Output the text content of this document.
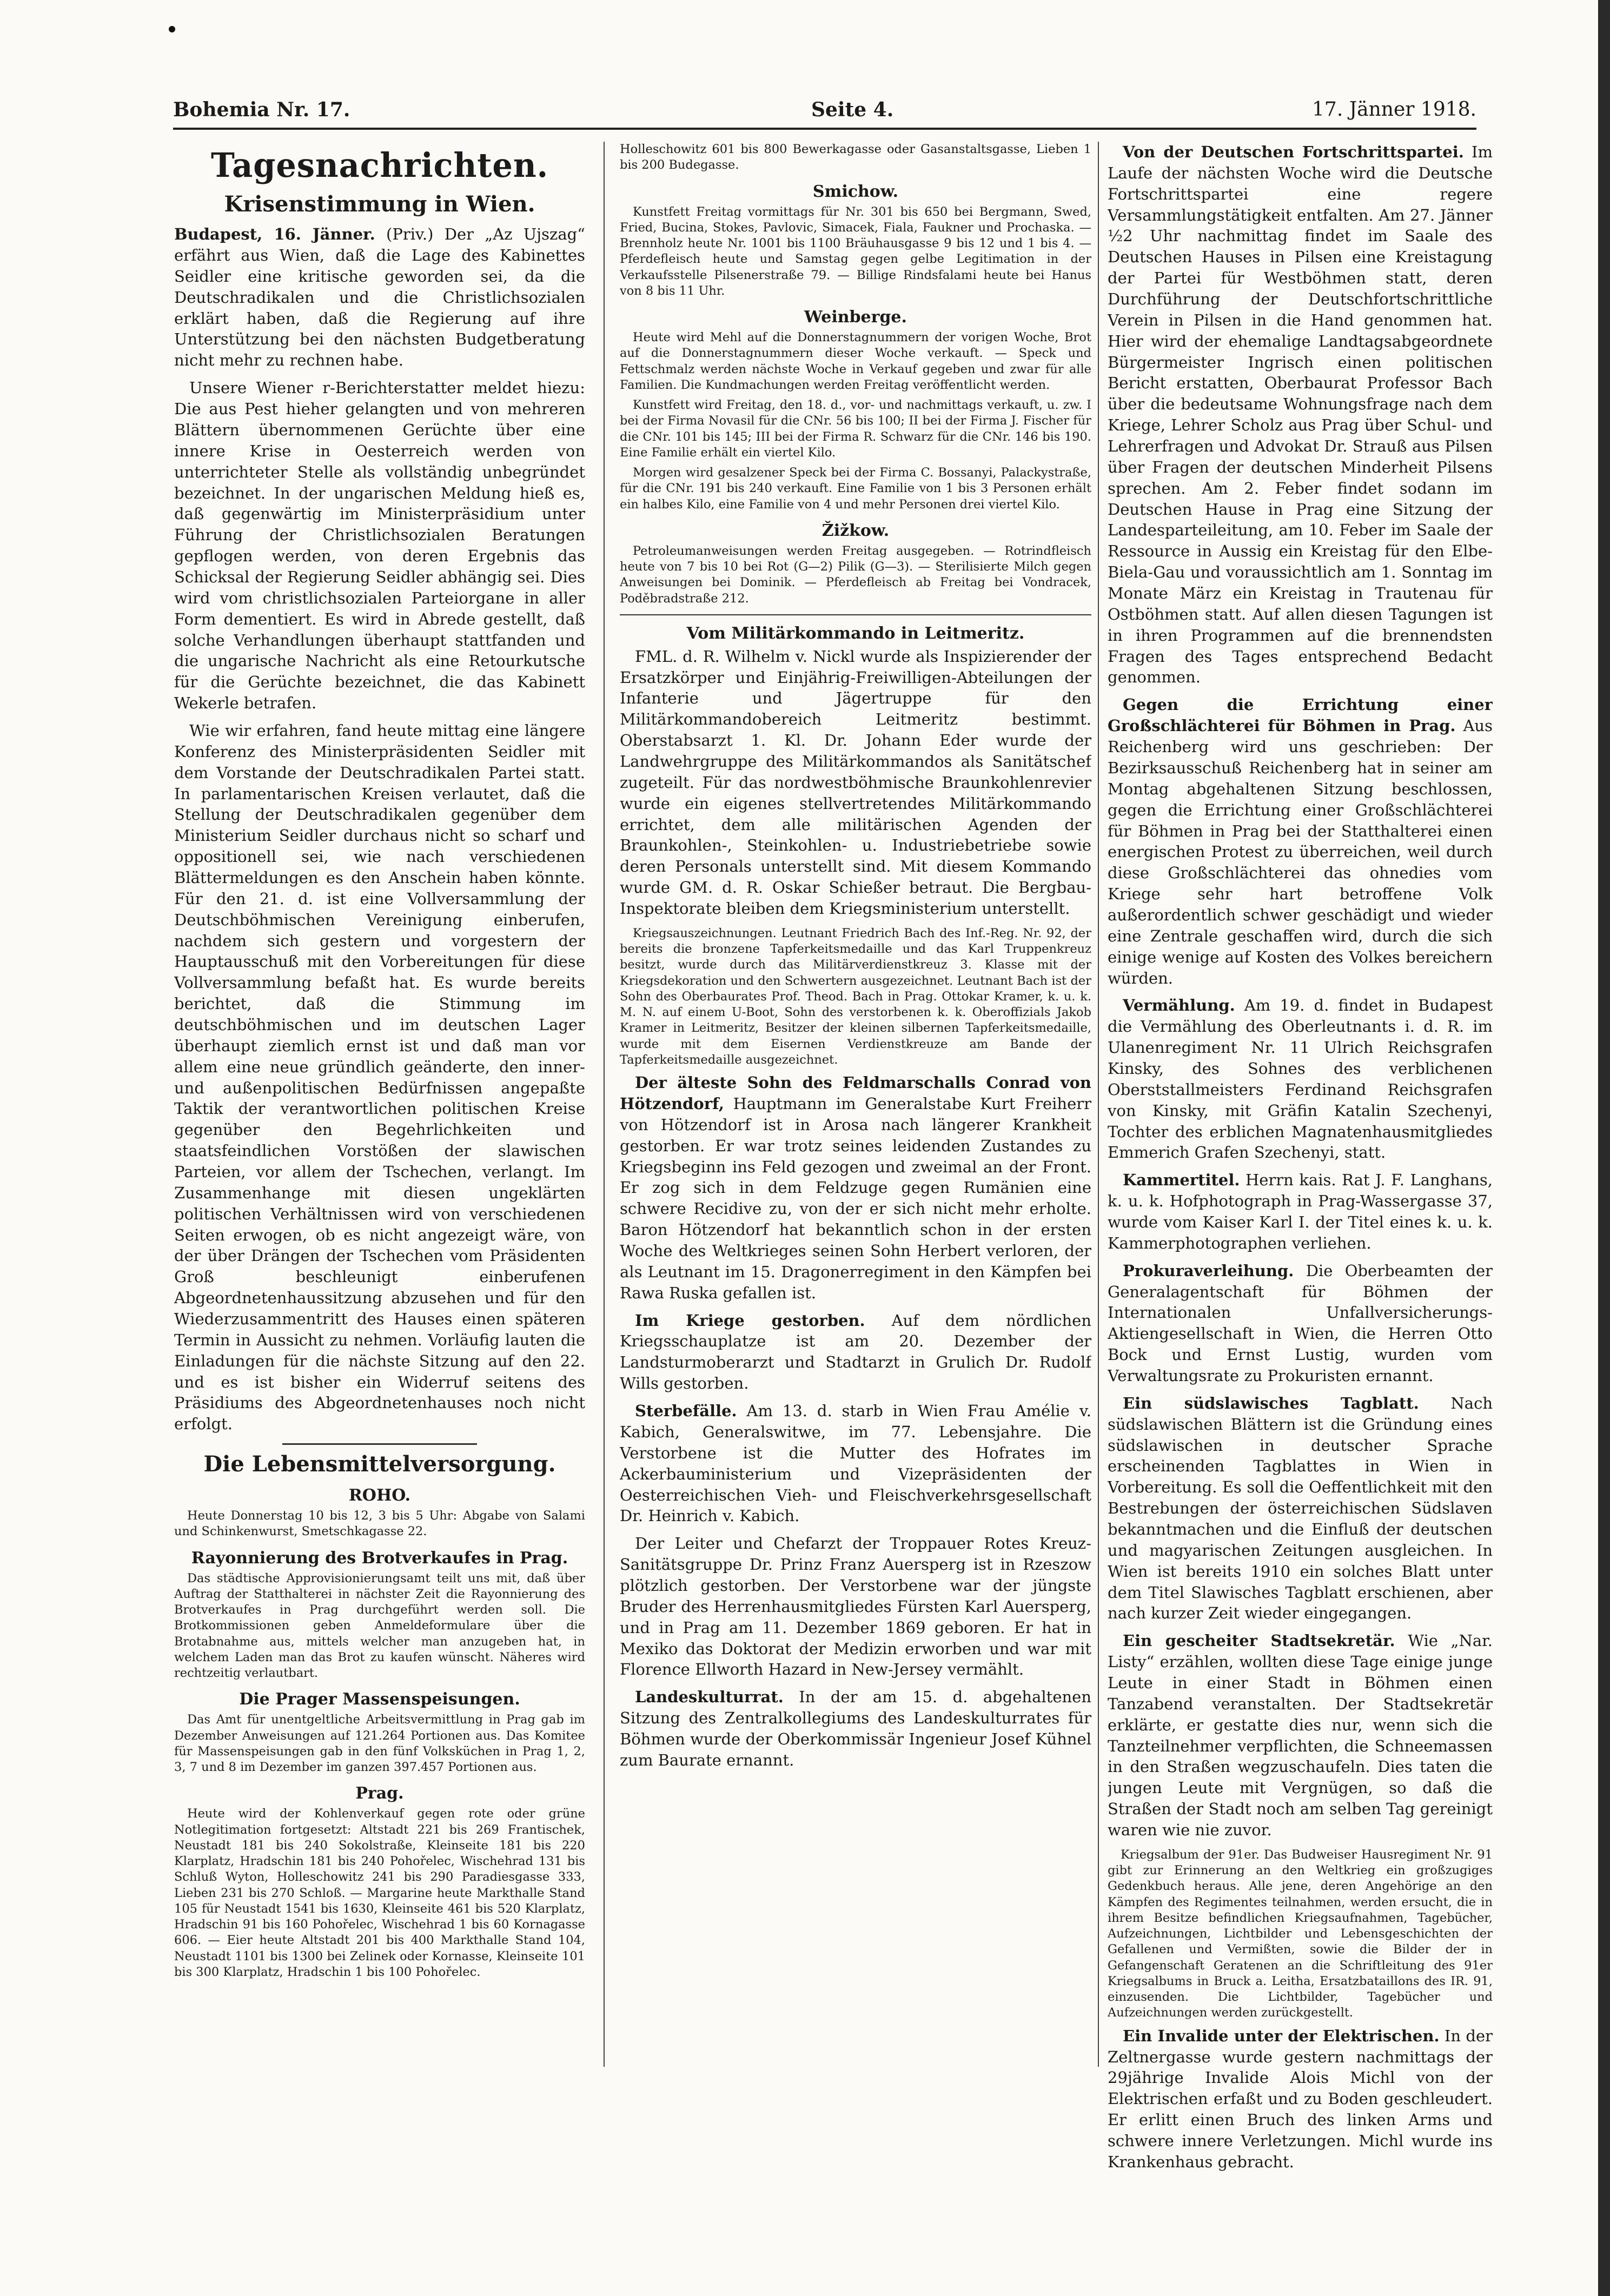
Bohemia Nr. 17.	Seite 4.	17. Jänner 1918.
Tagesnachrichten.
Krisenstimmung in Wien.

Budapest, 16. Jänner. (Priv.) Der „Az Ujszag“ erfährt aus Wien, daß die Lage des Kabinettes Seidler eine kritische geworden sei, da die Deutschradikalen und die Christlichsozialen erklärt haben, daß die Regierung auf ihre Unterstützung bei den nächsten Budgetberatung nicht mehr zu rechnen habe.

Unsere Wiener r-Berichterstatter meldet hiezu: Die aus Pest hieher gelangten und von mehreren Blättern übernommenen Gerüchte über eine innere Krise in Oesterreich werden von unterrichteter Stelle als vollständig unbegründet bezeichnet. In der ungarischen Meldung hieß es, daß gegenwärtig im Ministerpräsidium unter Führung der Christlichsozialen Beratungen gepflogen werden, von deren Ergebnis das Schicksal der Regierung Seidler abhängig sei. Dies wird vom christlichsozialen Parteiorgane in aller Form dementiert. Es wird in Abrede gestellt, daß solche Verhandlungen überhaupt stattfanden und die ungarische Nachricht als eine Retourkutsche für die Gerüchte bezeichnet, die das Kabinett Wekerle betrafen.

Wie wir erfahren, fand heute mittag eine längere Konferenz des Ministerpräsidenten Seidler mit dem Vorstande der Deutschradikalen Partei statt. In parlamentarischen Kreisen verlautet, daß die Stellung der Deutschradikalen gegenüber dem Ministerium Seidler durchaus nicht so scharf und oppositionell sei, wie nach verschiedenen Blättermeldungen es den Anschein haben könnte. Für den 21. d. ist eine Vollversammlung der Deutschböhmischen Vereinigung einberufen, nachdem sich gestern und vorgestern der Hauptausschuß mit den Vorbereitungen für diese Vollversammlung befaßt hat. Es wurde bereits berichtet, daß die Stimmung im deutschböhmischen und im deutschen Lager überhaupt ziemlich ernst ist und daß man vor allem eine neue gründlich geänderte, den inner- und außenpolitischen Bedürfnissen angepaßte Taktik der verantwortlichen politischen Kreise gegenüber den Begehrlichkeiten und staatsfeindlichen Vorstößen der slawischen Parteien, vor allem der Tschechen, verlangt. Im Zusammenhange mit diesen ungeklärten politischen Verhältnissen wird von verschiedenen Seiten erwogen, ob es nicht angezeigt wäre, von der über Drängen der Tschechen vom Präsidenten Groß beschleunigt einberufenen Abgeordnetenhaussitzung abzusehen und für den Wiederzusammentritt des Hauses einen späteren Termin in Aussicht zu nehmen. Vorläufig lauten die Einladungen für die nächste Sitzung auf den 22. und es ist bisher ein Widerruf seitens des Präsidiums des Abgeordnetenhauses noch nicht erfolgt.

Die Lebensmittelversorgung.
ROHO.

Heute Donnerstag 10 bis 12, 3 bis 5 Uhr: Abgabe von Salami und Schinkenwurst, Smetschkagasse 22.

Rayonnierung des Brotverkaufes in Prag.

Das städtische Approvisionierungsamt teilt uns mit, daß über Auftrag der Statthalterei in nächster Zeit die Rayonnierung des Brotverkaufes in Prag durchgeführt werden soll. Die Brotkommissionen geben Anmeldeformulare über die Brotabnahme aus, mittels welcher man anzugeben hat, in welchem Laden man das Brot zu kaufen wünscht. Näheres wird rechtzeitig verlautbart.

Die Prager Massenspeisungen.

Das Amt für unentgeltliche Arbeitsvermittlung in Prag gab im Dezember Anweisungen auf 121.264 Portionen aus. Das Komitee für Massenspeisungen gab in den fünf Volksküchen in Prag 1, 2, 3, 7 und 8 im Dezember im ganzen 397.457 Portionen aus.

Prag.

Heute wird der Kohlenverkauf gegen rote oder grüne Notlegitimation fortgesetzt: Altstadt 221 bis 269 Frantischek, Neustadt 181 bis 240 Sokolstraße, Kleinseite 181 bis 220 Klarplatz, Hradschin 181 bis 240 Pohořelec, Wischehrad 131 bis Schluß Wyton, Holleschowitz 241 bis 290 Paradiesgasse 333, Lieben 231 bis 270 Schloß. — Margarine heute Markthalle Stand 105 für Neustadt 1541 bis 1630, Kleinseite 461 bis 520 Klarplatz, Hradschin 91 bis 160 Pohořelec, Wischehrad 1 bis 60 Kornagasse 606. — Eier heute Altstadt 201 bis 400 Markthalle Stand 104, Neustadt 1101 bis 1300 bei Zelinek oder Kornasse, Kleinseite 101 bis 300 Klarplatz, Hradschin 1 bis 100 Pohořelec.

Holleschowitz 601 bis 800 Bewerkagasse oder Gasanstaltsgasse, Lieben 1 bis 200 Budegasse.

Smichow.

Kunstfett Freitag vormittags für Nr. 301 bis 650 bei Bergmann, Swed, Fried, Bucina, Stokes, Pavlovic, Simacek, Fiala, Faukner und Prochaska. — Brennholz heute Nr. 1001 bis 1100 Bräuhausgasse 9 bis 12 und 1 bis 4. — Pferdefleisch heute und Samstag gegen gelbe Legitimation in der Verkaufsstelle Pilsenerstraße 79. — Billige Rindsfalami heute bei Hanus von 8 bis 11 Uhr.

Weinberge.

Heute wird Mehl auf die Donnerstagnummern der vorigen Woche, Brot auf die Donnerstagnummern dieser Woche verkauft. — Speck und Fettschmalz werden nächste Woche in Verkauf gegeben und zwar für alle Familien. Die Kundmachungen werden Freitag veröffentlicht werden.

Kunstfett wird Freitag, den 18. d., vor- und nachmittags verkauft, u. zw. I bei der Firma Novasil für die CNr. 56 bis 100; II bei der Firma J. Fischer für die CNr. 101 bis 145; III bei der Firma R. Schwarz für die CNr. 146 bis 190. Eine Familie erhält ein viertel Kilo.

Morgen wird gesalzener Speck bei der Firma C. Bossanyi, Palackystraße, für die CNr. 191 bis 240 verkauft. Eine Familie von 1 bis 3 Personen erhält ein halbes Kilo, eine Familie von 4 und mehr Personen drei viertel Kilo.

Žižkow.

Petroleumanweisungen werden Freitag ausgegeben. — Rotrindfleisch heute von 7 bis 10 bei Rot (G—2) Pilik (G—3). — Sterilisierte Milch gegen Anweisungen bei Dominik. — Pferdefleisch ab Freitag bei Vondracek, Poděbradstraße 212.

Vom Militärkommando in Leitmeritz.

FML. d. R. Wilhelm v. Nickl wurde als Inspizierender der Ersatzkörper und Einjährig-Freiwilligen-Abteilungen der Infanterie und Jägertruppe für den Militärkommandobereich Leitmeritz bestimmt. Oberstabsarzt 1. Kl. Dr. Johann Eder wurde der Landwehrgruppe des Militärkommandos als Sanitätschef zugeteilt. Für das nordwestböhmische Braunkohlenrevier wurde ein eigenes stellvertretendes Militärkommando errichtet, dem alle militärischen Agenden der Braunkohlen-, Steinkohlen- u. Industriebetriebe sowie deren Personals unterstellt sind. Mit diesem Kommando wurde GM. d. R. Oskar Schießer betraut. Die Bergbau-Inspektorate bleiben dem Kriegsministerium unterstellt.

Kriegsauszeichnungen. Leutnant Friedrich Bach des Inf.-Reg. Nr. 92, der bereits die bronzene Tapferkeitsmedaille und das Karl Truppenkreuz besitzt, wurde durch das Militärverdienstkreuz 3. Klasse mit der Kriegsdekoration und den Schwertern ausgezeichnet. Leutnant Bach ist der Sohn des Oberbaurates Prof. Theod. Bach in Prag. Ottokar Kramer, k. u. k. M. N. auf einem U-Boot, Sohn des verstorbenen k. k. Oberoffizials Jakob Kramer in Leitmeritz, Besitzer der kleinen silbernen Tapferkeitsmedaille, wurde mit dem Eisernen Verdienstkreuze am Bande der Tapferkeitsmedaille ausgezeichnet.

Der älteste Sohn des Feldmarschalls Conrad von Hötzendorf, Hauptmann im Generalstabe Kurt Freiherr von Hötzendorf ist in Arosa nach längerer Krankheit gestorben. Er war trotz seines leidenden Zustandes zu Kriegsbeginn ins Feld gezogen und zweimal an der Front. Er zog sich in dem Feldzuge gegen Rumänien eine schwere Recidive zu, von der er sich nicht mehr erholte. Baron Hötzendorf hat bekanntlich schon in der ersten Woche des Weltkrieges seinen Sohn Herbert verloren, der als Leutnant im 15. Dragonerregiment in den Kämpfen bei Rawa Ruska gefallen ist.

Im Kriege gestorben. Auf dem nördlichen Kriegsschauplatze ist am 20. Dezember der Landsturmoberarzt und Stadtarzt in Grulich Dr. Rudolf Wills gestorben.

Sterbefälle. Am 13. d. starb in Wien Frau Amélie v. Kabich, Generalswitwe, im 77. Lebensjahre. Die Verstorbene ist die Mutter des Hofrates im Ackerbauministerium und Vizepräsidenten der Oesterreichischen Vieh- und Fleischverkehrsgesellschaft Dr. Heinrich v. Kabich.

Der Leiter und Chefarzt der Troppauer Rotes Kreuz-Sanitätsgruppe Dr. Prinz Franz Auersperg ist in Rzeszow plötzlich gestorben. Der Verstorbene war der jüngste Bruder des Herrenhausmitgliedes Fürsten Karl Auersperg, und in Prag am 11. Dezember 1869 geboren. Er hat in Mexiko das Doktorat der Medizin erworben und war mit Florence Ellworth Hazard in New-Jersey vermählt.

Landeskulturrat. In der am 15. d. abgehaltenen Sitzung des Zentralkollegiums des Landeskulturrates für Böhmen wurde der Oberkommissär Ingenieur Josef Kühnel zum Baurate ernannt.

Von der Deutschen Fortschrittspartei. Im Laufe der nächsten Woche wird die Deutsche Fortschrittspartei eine regere Versammlungstätigkeit entfalten. Am 27. Jänner ½2 Uhr nachmittag findet im Saale des Deutschen Hauses in Pilsen eine Kreistagung der Partei für Westböhmen statt, deren Durchführung der Deutschfortschrittliche Verein in Pilsen in die Hand genommen hat. Hier wird der ehemalige Landtagsabgeordnete Bürgermeister Ingrisch einen politischen Bericht erstatten, Oberbaurat Professor Bach über die bedeutsame Wohnungsfrage nach dem Kriege, Lehrer Scholz aus Prag über Schul- und Lehrerfragen und Advokat Dr. Strauß aus Pilsen über Fragen der deutschen Minderheit Pilsens sprechen. Am 2. Feber findet sodann im Deutschen Hause in Prag eine Sitzung der Landesparteileitung, am 10. Feber im Saale der Ressource in Aussig ein Kreistag für den Elbe-Biela-Gau und voraussichtlich am 1. Sonntag im Monate März ein Kreistag in Trautenau für Ostböhmen statt. Auf allen diesen Tagungen ist in ihren Programmen auf die brennendsten Fragen des Tages entsprechend Bedacht genommen.

Gegen die Errichtung einer Großschlächterei für Böhmen in Prag. Aus Reichenberg wird uns geschrieben: Der Bezirksausschuß Reichenberg hat in seiner am Montag abgehaltenen Sitzung beschlossen, gegen die Errichtung einer Großschlächterei für Böhmen in Prag bei der Statthalterei einen energischen Protest zu überreichen, weil durch diese Großschlächterei das ohnedies vom Kriege sehr hart betroffene Volk außerordentlich schwer geschädigt und wieder eine Zentrale geschaffen wird, durch die sich einige wenige auf Kosten des Volkes bereichern würden.

Vermählung. Am 19. d. findet in Budapest die Vermählung des Oberleutnants i. d. R. im Ulanenregiment Nr. 11 Ulrich Reichsgrafen Kinsky, des Sohnes des verblichenen Oberststallmeisters Ferdinand Reichsgrafen von Kinsky, mit Gräfin Katalin Szechenyi, Tochter des erblichen Magnatenhausmitgliedes Emmerich Grafen Szechenyi, statt.

Kammertitel. Herrn kais. Rat J. F. Langhans, k. u. k. Hofphotograph in Prag-Wassergasse 37, wurde vom Kaiser Karl I. der Titel eines k. u. k. Kammerphotographen verliehen.

Prokuraverleihung. Die Oberbeamten der Generalagentschaft für Böhmen der Internationalen Unfallversicherungs-Aktiengesellschaft in Wien, die Herren Otto Bock und Ernst Lustig, wurden vom Verwaltungsrate zu Prokuristen ernannt.

Ein südslawisches Tagblatt. Nach südslawischen Blättern ist die Gründung eines südslawischen in deutscher Sprache erscheinenden Tagblattes in Wien in Vorbereitung. Es soll die Oeffentlichkeit mit den Bestrebungen der österreichischen Südslaven bekanntmachen und die Einfluß der deutschen und magyarischen Zeitungen ausgleichen. In Wien ist bereits 1910 ein solches Blatt unter dem Titel Slawisches Tagblatt erschienen, aber nach kurzer Zeit wieder eingegangen.

Ein gescheiter Stadtsekretär. Wie „Nar. Listy“ erzählen, wollten diese Tage einige junge Leute in einer Stadt in Böhmen einen Tanzabend veranstalten. Der Stadtsekretär erklärte, er gestatte dies nur, wenn sich die Tanzteilnehmer verpflichten, die Schneemassen in den Straßen wegzuschaufeln. Dies taten die jungen Leute mit Vergnügen, so daß die Straßen der Stadt noch am selben Tag gereinigt waren wie nie zuvor.

Kriegsalbum der 91er. Das Budweiser Hausregiment Nr. 91 gibt zur Erinnerung an den Weltkrieg ein großzugiges Gedenkbuch heraus. Alle jene, deren Angehörige an den Kämpfen des Regimentes teilnahmen, werden ersucht, die in ihrem Besitze befindlichen Kriegsaufnahmen, Tagebücher, Aufzeichnungen, Lichtbilder und Lebensgeschichten der Gefallenen und Vermißten, sowie die Bilder der in Gefangenschaft Geratenen an die Schriftleitung des 91er Kriegsalbums in Bruck a. Leitha, Ersatzbataillons des IR. 91, einzusenden. Die Lichtbilder, Tagebücher und Aufzeichnungen werden zurückgestellt.

Ein Invalide unter der Elektrischen. In der Zeltnergasse wurde gestern nachmittags der 29jährige Invalide Alois Michl von der Elektrischen erfaßt und zu Boden geschleudert. Er erlitt einen Bruch des linken Arms und schwere innere Verletzungen. Michl wurde ins Krankenhaus gebracht.
